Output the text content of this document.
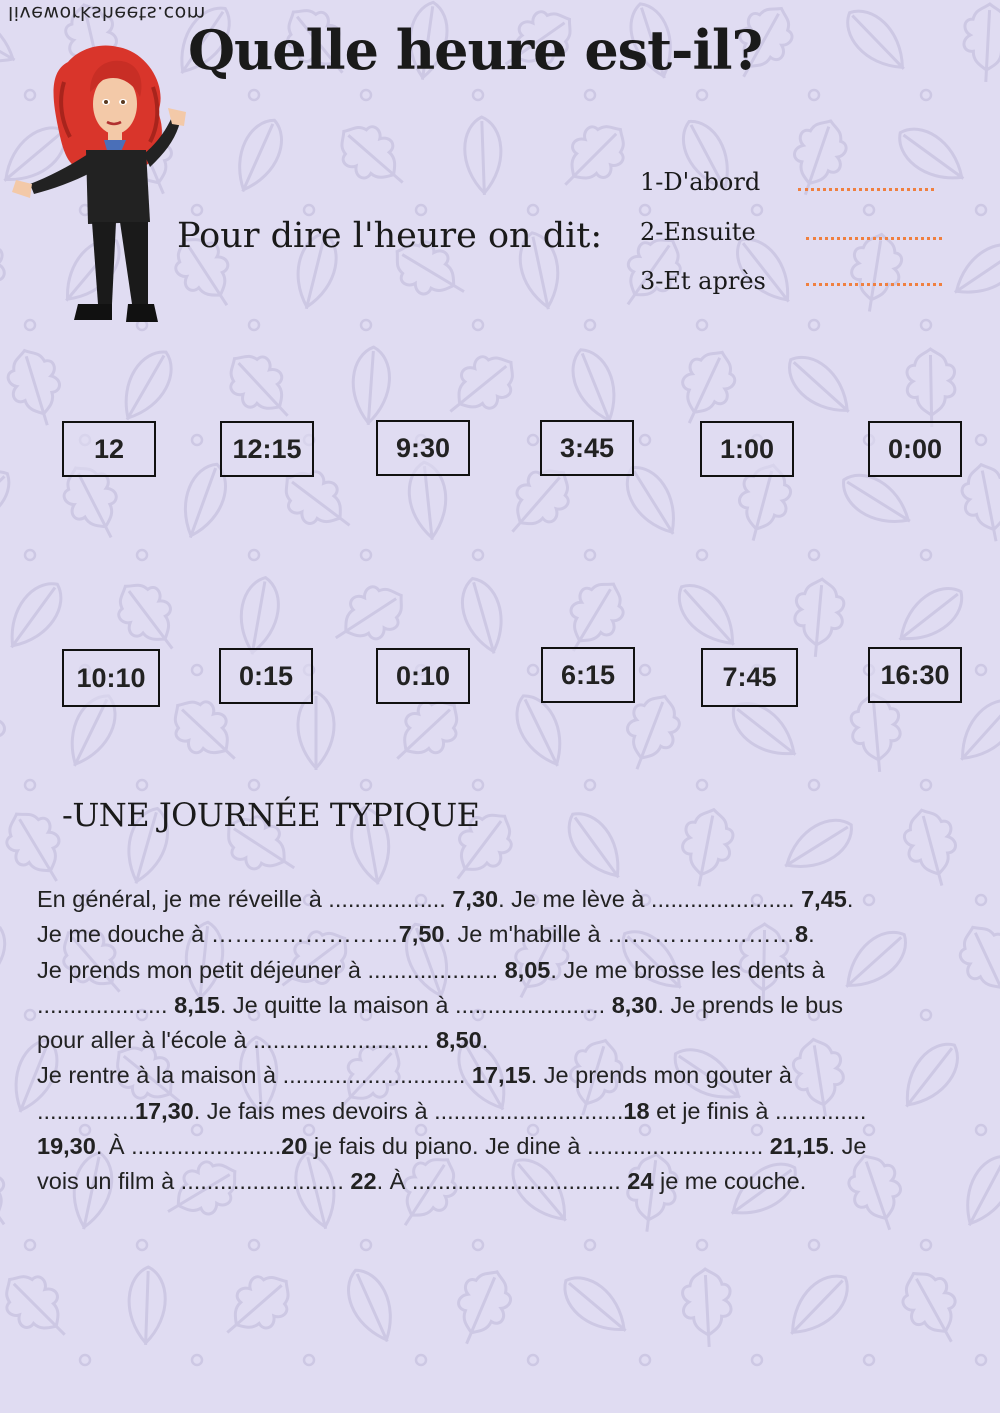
liveworksheets.com
Quelle heure est-il?
Pour dire l'heure on dit:
1-D'abord
2-Ensuite
3-Et après
12	12:15	9:30	3:45	1:00	0:00
10:10	0:15	0:10	6:15	7:45	16:30
-UNE JOURNÉE TYPIQUE
En général, je me réveille à .................. 7,30. Je me lève à ...................... 7,45.
Je me douche à ……………………7,50. Je m'habille à ……………………8.
Je prends mon petit déjeuner à .................... 8,05. Je me brosse les dents à
.................... 8,15. Je quitte la maison à ....................... 8,30. Je prends le bus
pour aller à l'école à ........................... 8,50.
Je rentre à la maison à ............................ 17,15. Je prends mon gouter à
...............17,30. Je fais mes devoirs à .............................18 et je finis à ..............
19,30. À .......................20 je fais du piano. Je dine à ........................... 21,15. Je
vois un film à ......................... 22. À ................................ 24 je me couche.
